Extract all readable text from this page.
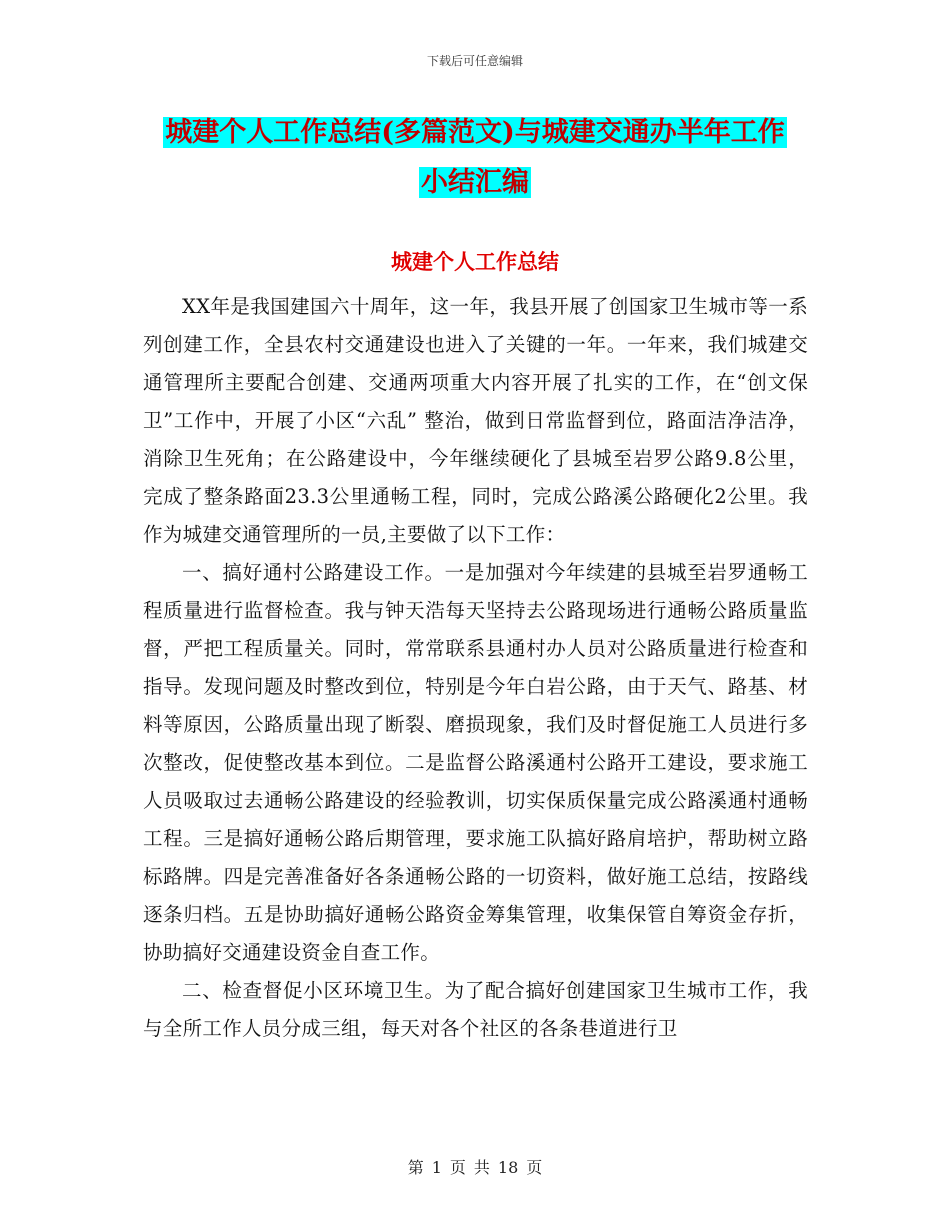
下载后可任意编辑
城建个人工作总结(多篇范文)与城建交通办半年工作
小结汇编
城建个人工作总结

XX年是我国建国六十周年，这一年，我县开展了创国家卫生城市等一系列创建工作，全县农村交通建设也进入了关键的一年。一年来，我们城建交通管理所主要配合创建、交通两项重大内容开展了扎实的工作，在“创文保卫”工作中，开展了小区“六乱” 整治，做到日常监督到位，路面洁净洁净，消除卫生死角；在公路建设中，今年继续硬化了县城至岩罗公路9.8公里，完成了整条路面23.3公里通畅工程，同时，完成公路溪公路硬化2公里。我作为城建交通管理所的一员,主要做了以下工作：

一、搞好通村公路建设工作。一是加强对今年续建的县城至岩罗通畅工程质量进行监督检查。我与钟天浩每天坚持去公路现场进行通畅公路质量监督，严把工程质量关。同时，常常联系县通村办人员对公路质量进行检查和指导。发现问题及时整改到位，特别是今年白岩公路，由于天气、路基、材料等原因，公路质量出现了断裂、磨损现象，我们及时督促施工人员进行多次整改，促使整改基本到位。二是监督公路溪通村公路开工建设，要求施工人员吸取过去通畅公路建设的经验教训，切实保质保量完成公路溪通村通畅工程。三是搞好通畅公路后期管理，要求施工队搞好路肩培护，帮助树立路标路牌。四是完善准备好各条通畅公路的一切资料，做好施工总结，按路线逐条归档。五是协助搞好通畅公路资金筹集管理，收集保管自筹资金存折，协助搞好交通建设资金自查工作。

二、检查督促小区环境卫生。为了配合搞好创建国家卫生城市工作，我与全所工作人员分成三组，每天对各个社区的各条巷道进行卫

第 1 页 共 18 页
